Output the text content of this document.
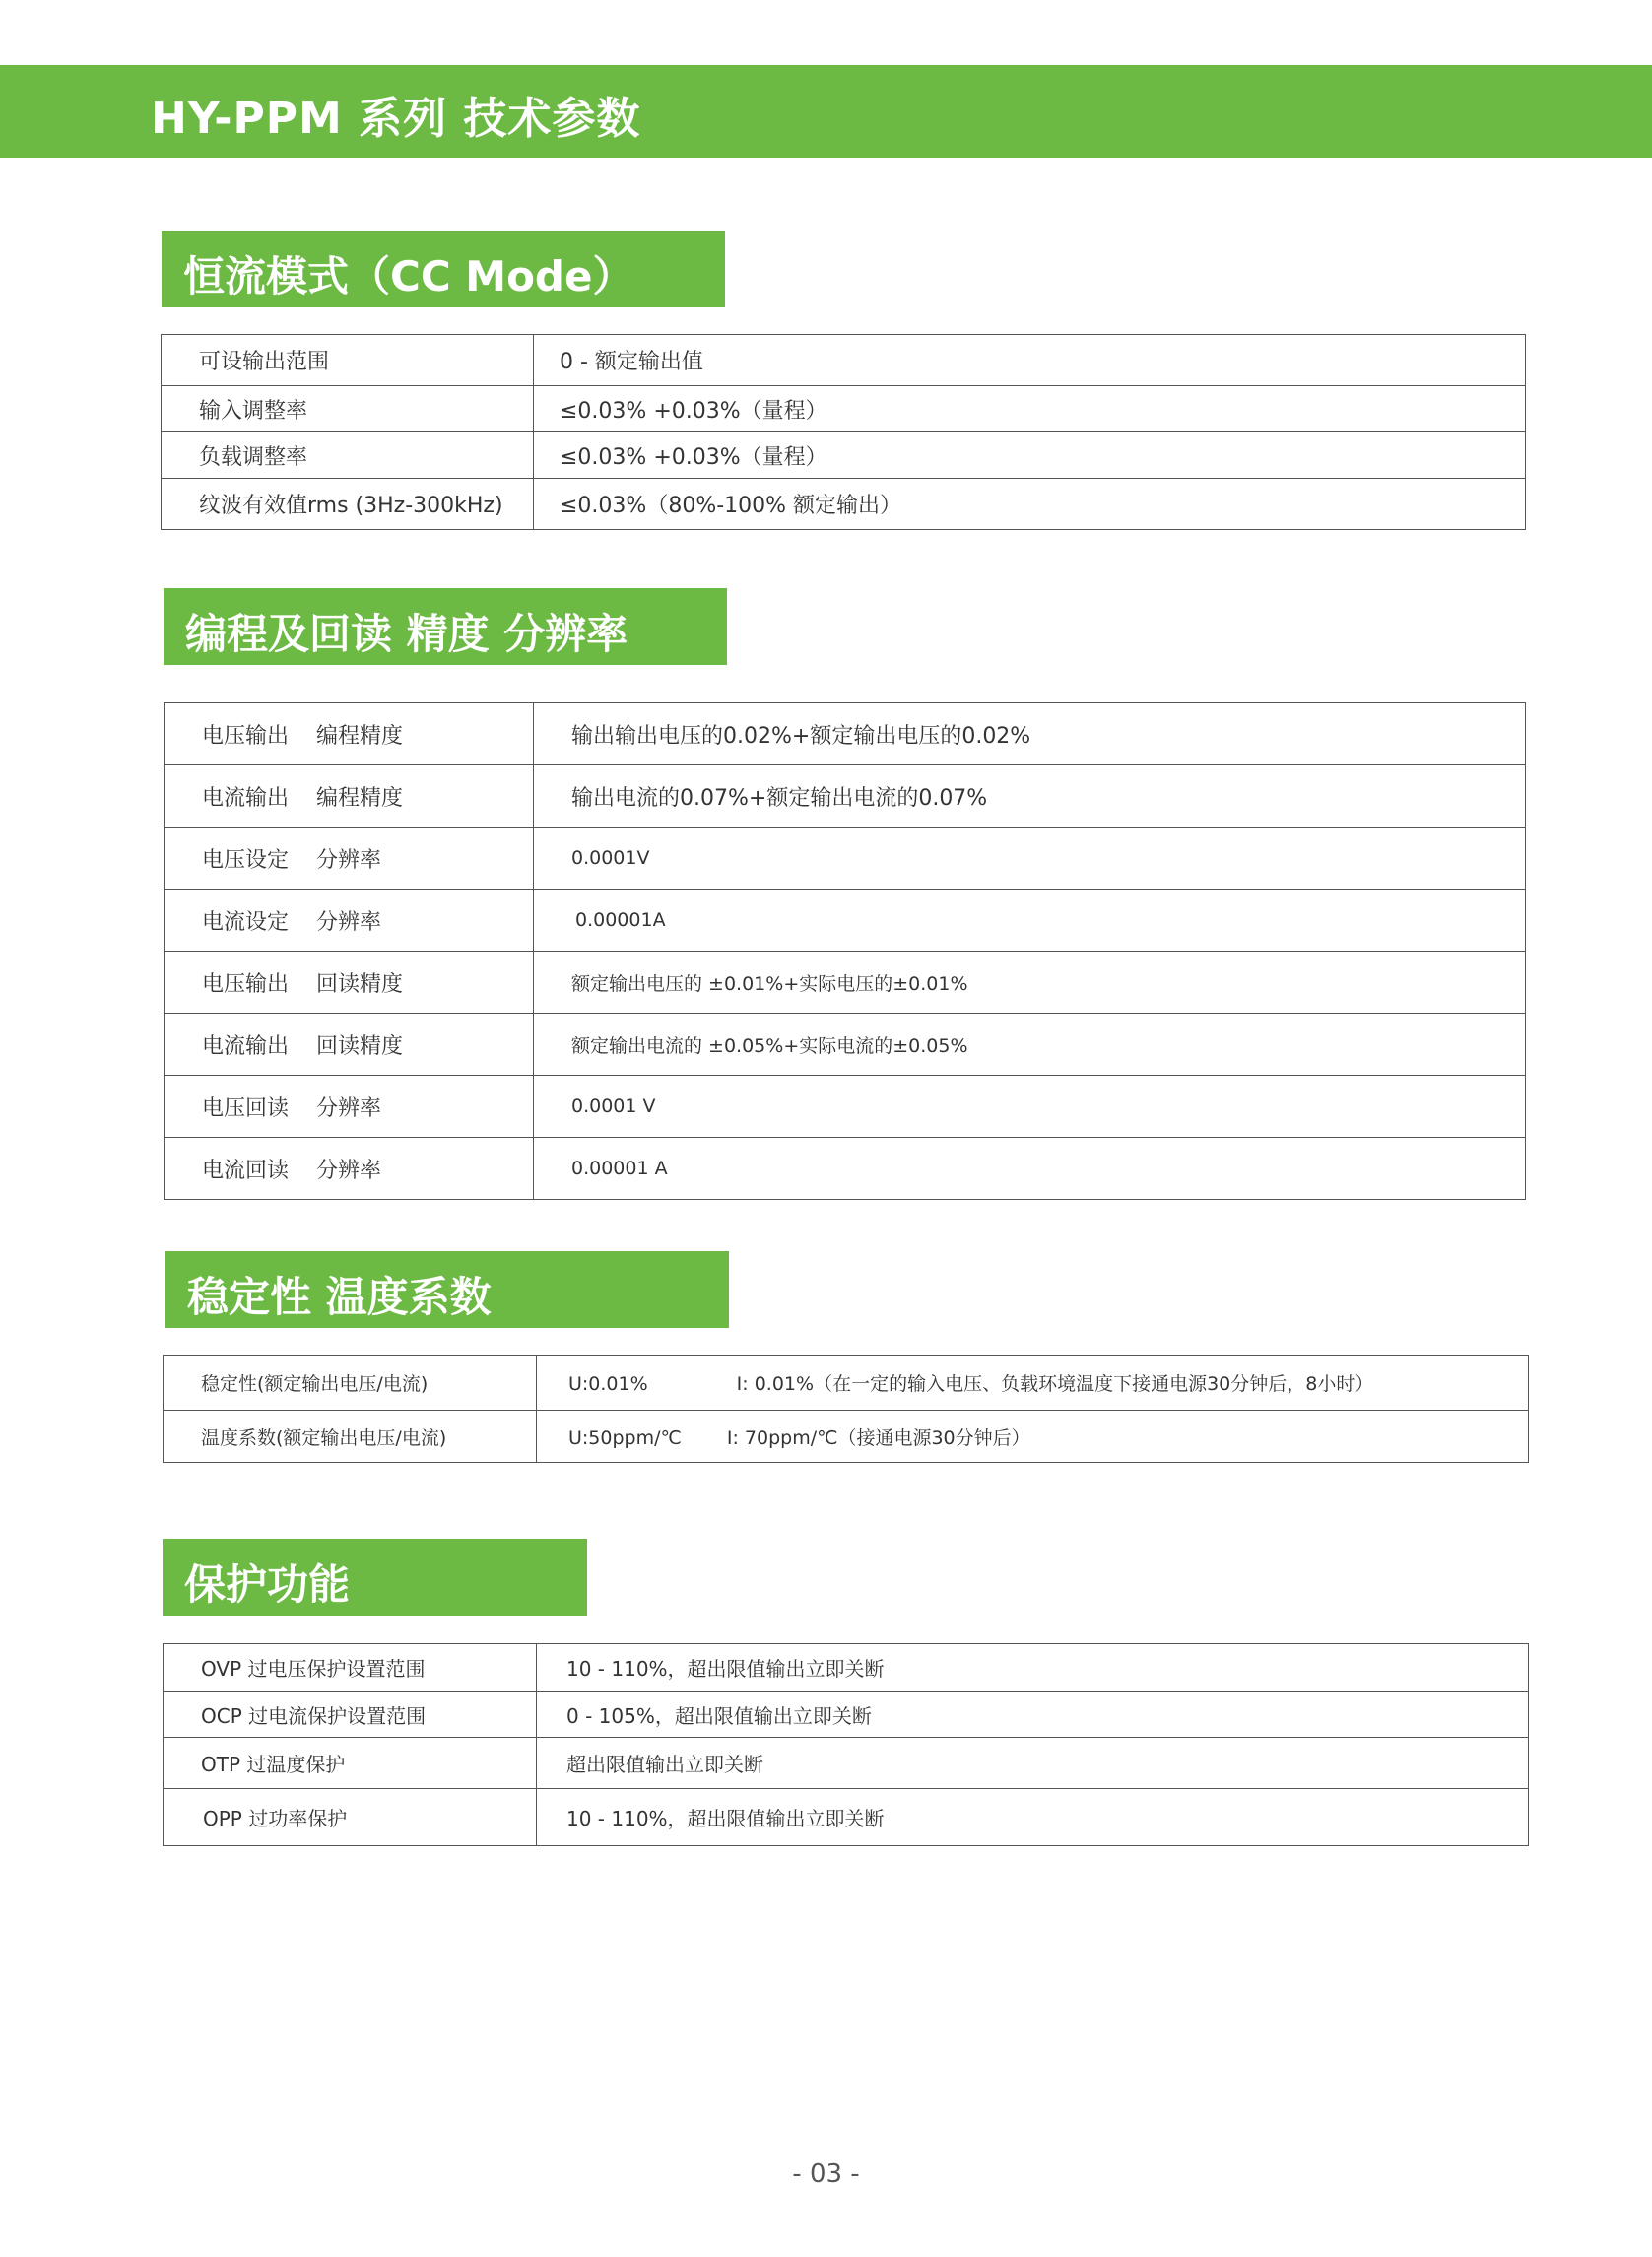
HY-PPM 系列 技术参数
恒流模式（CC Mode）
可设输出范围	0 - 额定输出值
输入调整率	≤0.03% +0.03%（量程）
负载调整率	≤0.03% +0.03%（量程）
纹波有效值rms (3Hz-300kHz)	≤0.03%（80%-100% 额定输出）
编程及回读 精度 分辨率
电压输出    编程精度	输出输出电压的0.02%+额定输出电压的0.02%
电流输出    编程精度	输出电流的0.07%+额定输出电流的0.07%
电压设定    分辨率	0.0001V
电流设定    分辨率	0.00001A
电压输出    回读精度	额定输出电压的 ±0.01%+实际电压的±0.01%
电流输出    回读精度	额定输出电流的 ±0.05%+实际电流的±0.05%
电压回读    分辨率	0.0001 V
电流回读    分辨率	0.00001 A
稳定性 温度系数
稳定性(额定输出电压/电流)	U:0.01% I: 0.01%（在一定的输入电压、负载环境温度下接通电源30分钟后，8小时）
温度系数(额定输出电压/电流)	U:50ppm/℃ I: 70ppm/℃（接通电源30分钟后）
保护功能
OVP 过电压保护设置范围	10 - 110%，超出限值输出立即关断
OCP 过电流保护设置范围	0 - 105%，超出限值输出立即关断
OTP 过温度保护	超出限值输出立即关断
OPP 过功率保护	10 - 110%，超出限值输出立即关断
- 03 -
